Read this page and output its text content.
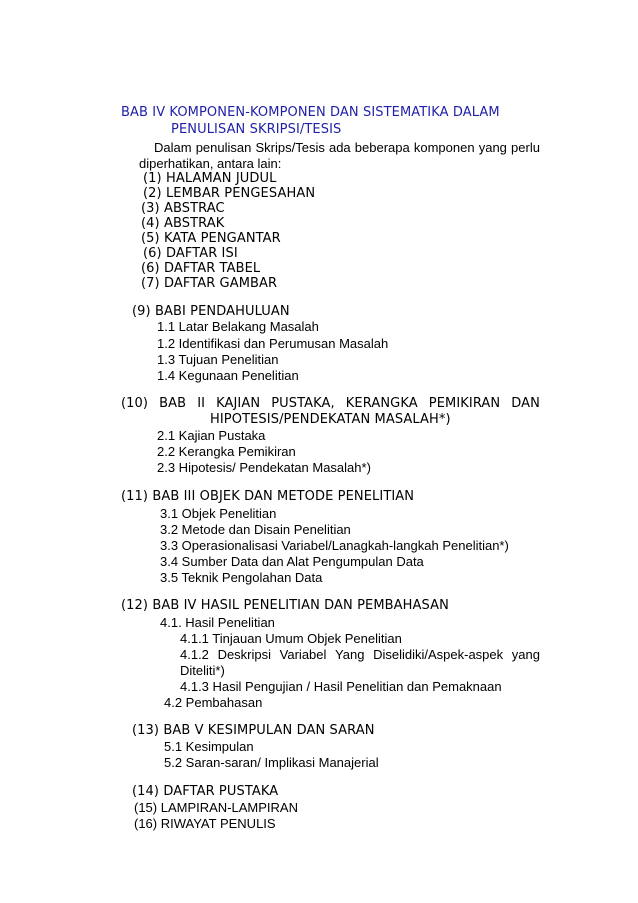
BAB IV KOMPONEN-KOMPONEN DAN SISTEMATIKA DALAM
PENULISAN SKRIPSI/TESIS
Dalam penulisan Skrips/Tesis ada beberapa komponen yang perlu
diperhatikan, antara lain:
(1) HALAMAN JUDUL
(2) LEMBAR PENGESAHAN
(3) ABSTRAC
(4) ABSTRAK
(5) KATA PENGANTAR
(6) DAFTAR ISI
(6) DAFTAR TABEL
(7) DAFTAR GAMBAR
(9) BABI PENDAHULUAN
1.1 Latar Belakang Masalah
1.2 Identifikasi dan Perumusan Masalah
1.3 Tujuan Penelitian
1.4 Kegunaan Penelitian
(10) BAB II KAJIAN PUSTAKA, KERANGKA PEMIKIRAN DAN
HIPOTESIS/PENDEKATAN MASALAH*)
2.1 Kajian Pustaka
2.2 Kerangka Pemikiran
2.3 Hipotesis/ Pendekatan Masalah*)
(11) BAB III OBJEK DAN METODE PENELITIAN
3.1 Objek Penelitian
3.2 Metode dan Disain Penelitian
3.3 Operasionalisasi Variabel/Lanagkah-langkah Penelitian*)
3.4 Sumber Data dan Alat Pengumpulan Data
3.5 Teknik Pengolahan Data
(12) BAB IV HASIL PENELITIAN DAN PEMBAHASAN
4.1. Hasil Penelitian
4.1.1 Tinjauan Umum Objek Penelitian
4.1.2 Deskripsi Variabel Yang Diselidiki/Aspek-aspek yang
Diteliti*)
4.1.3 Hasil Pengujian / Hasil Penelitian dan Pemaknaan
4.2 Pembahasan
(13) BAB V KESIMPULAN DAN SARAN
5.1 Kesimpulan
5.2 Saran-saran/ Implikasi Manajerial
(14) DAFTAR PUSTAKA
(15) LAMPIRAN-LAMPIRAN
(16) RIWAYAT PENULIS
